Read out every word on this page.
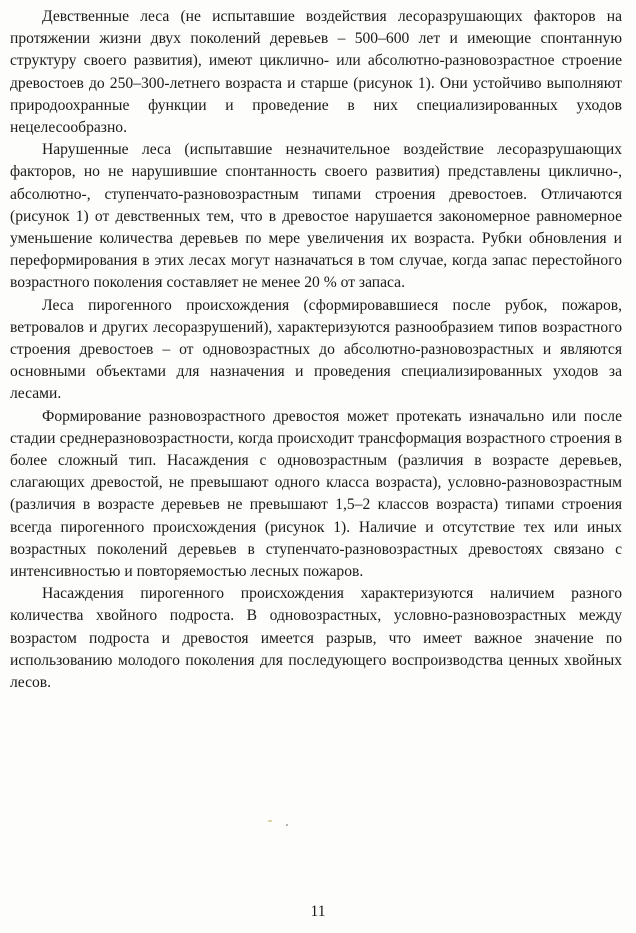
Девственные леса (не испытавшие воздействия лесоразрушающих факторов на протяжении жизни двух поколений деревьев – 500–600 лет и имеющие спонтанную структуру своего развития), имеют циклично- или абсолютно-разновозрастное строение древостоев до 250–300-летнего возраста и старше (рисунок 1). Они устойчиво выполняют природоохранные функции и проведение в них специализированных уходов нецелесообразно.

Нарушенные леса (испытавшие незначительное воздействие лесоразрушающих факторов, но не нарушившие спонтанность своего развития) представлены циклично-, абсолютно-, ступенчато-разновозрастным типами строения древостоев. Отличаются (рисунок 1) от девственных тем, что в древостое нарушается закономерное равномерное уменьшение количества деревьев по мере увеличения их возраста. Рубки обновления и переформирования в этих лесах могут назначаться в том случае, когда запас перестойного возрастного поколения составляет не менее 20 % от запаса.

Леса пирогенного происхождения (сформировавшиеся после рубок, пожаров, ветровалов и других лесоразрушений), характеризуются разнообразием типов возрастного строения древостоев – от одновозрастных до абсолютно-разновозрастных и являются основными объектами для назначения и проведения специализированных уходов за лесами.

Формирование разновозрастного древостоя может протекать изначально или после стадии среднеразновозрастности, когда происходит трансформация возрастного строения в более сложный тип. Насаждения с одновозрастным (различия в возрасте деревьев, слагающих древостой, не превышают одного класса возраста), условно-разновозрастным (различия в возрасте деревьев не превышают 1,5–2 классов возраста) типами строения всегда пирогенного происхождения (рисунок 1). Наличие и отсутствие тех или иных возрастных поколений деревьев в ступенчато-разновозрастных древостоях связано с интенсивностью и повторяемостью лесных пожаров.

Насаждения пирогенного происхождения характеризуются наличием разного количества хвойного подроста. В одновозрастных, условно-разновозрастных между возрастом подроста и древостоя имеется разрыв, что имеет важное значение по использованию молодого поколения для последующего воспроизводства ценных хвойных лесов.

11
